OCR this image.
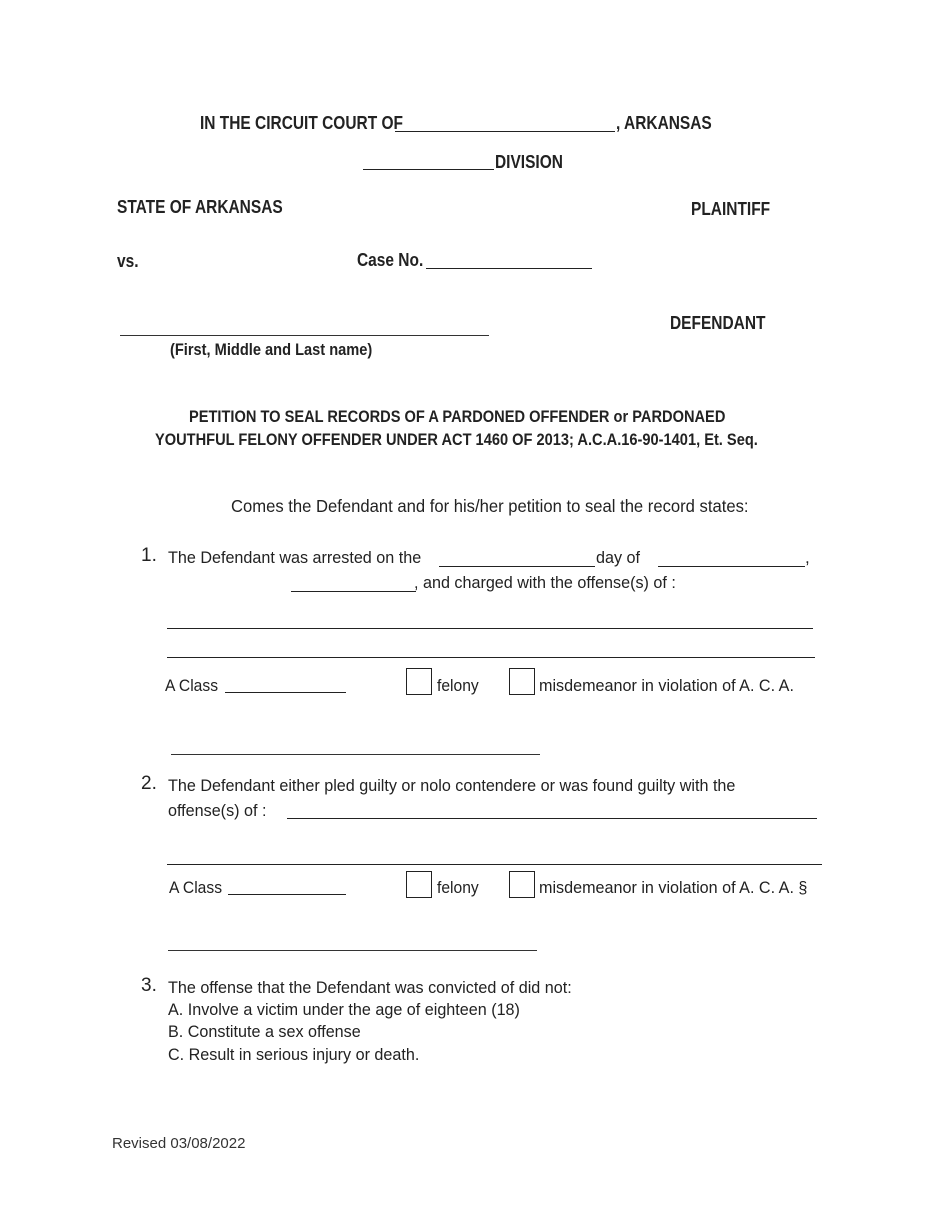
IN THE CIRCUIT COURT OF	, ARKANSAS
DIVISION
STATE OF ARKANSAS	PLAINTIFF
vs.	Case No.
DEFENDANT
(First, Middle and Last name)
PETITION TO SEAL RECORDS OF A PARDONED OFFENDER or PARDONAED
YOUTHFUL FELONY OFFENDER UNDER ACT 1460 OF 2013; A.C.A.16-90-1401, Et. Seq.
Comes the Defendant and for his/her petition to seal the record states:
1. The Defendant was arrested on the	day of	,
, and charged with the offense(s) of :
A Class	felony	misdemeanor in violation of A. C. A.
2. The Defendant either pled guilty or nolo contendere or was found guilty with the
offense(s) of :
A Class	felony	misdemeanor in violation of A. C. A. §
3. The offense that the Defendant was convicted of did not:
A. Involve a victim under the age of eighteen (18)
B. Constitute a sex offense
C. Result in serious injury or death.
Revised 03/08/2022
